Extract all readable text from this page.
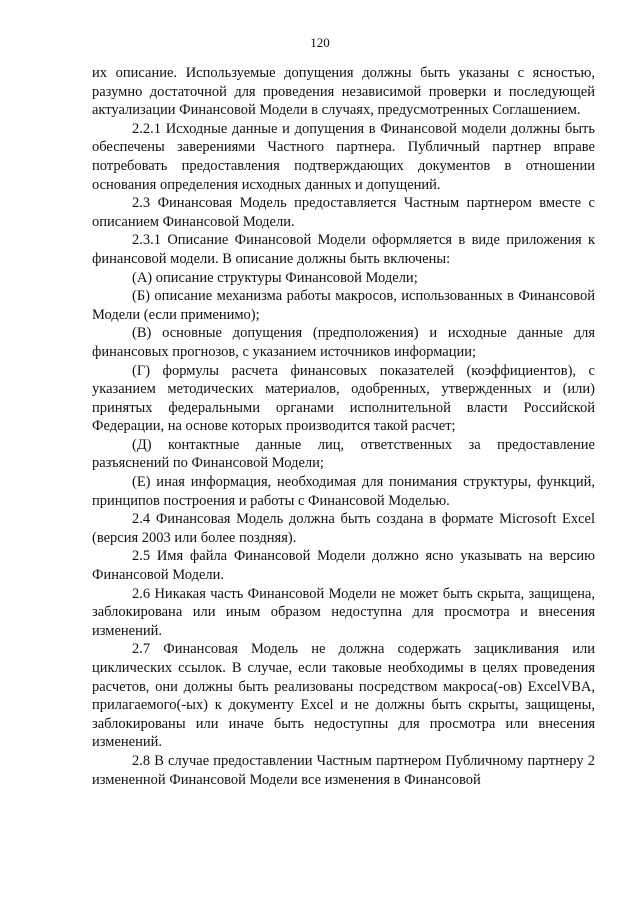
120

их описание. Используемые допущения должны быть указаны с ясностью, разумно достаточной для проведения независимой проверки и последующей актуализации Финансовой Модели в случаях, предусмотренных Соглашением.

2.2.1 Исходные данные и допущения в Финансовой модели должны быть обеспечены заверениями Частного партнера. Публичный партнер вправе потребовать предоставления подтверждающих документов в отношении основания определения исходных данных и допущений.

2.3 Финансовая Модель предоставляется Частным партнером вместе с описанием Финансовой Модели.

2.3.1 Описание Финансовой Модели оформляется в виде приложения к финансовой модели. В описание должны быть включены:

(А) описание структуры Финансовой Модели;

(Б) описание механизма работы макросов, использованных в Финансовой Модели (если применимо);

(В) основные допущения (предположения) и исходные данные для финансовых прогнозов, с указанием источников информации;

(Г) формулы расчета финансовых показателей (коэффициентов), с указанием методических материалов, одобренных, утвержденных и (или) принятых федеральными органами исполнительной власти Российской Федерации, на основе которых производится такой расчет;

(Д) контактные данные лиц, ответственных за предоставление разъяснений по Финансовой Модели;

(Е) иная информация, необходимая для понимания структуры, функций, принципов построения и работы с Финансовой Моделью.

2.4 Финансовая Модель должна быть создана в формате Microsoft Excel (версия 2003 или более поздняя).

2.5 Имя файла Финансовой Модели должно ясно указывать на версию Финансовой Модели.

2.6 Никакая часть Финансовой Модели не может быть скрыта, защищена, заблокирована или иным образом недоступна для просмотра и внесения изменений.

2.7 Финансовая Модель не должна содержать зацикливания или циклических ссылок. В случае, если таковые необходимы в целях проведения расчетов, они должны быть реализованы посредством макроса(-ов) ExcelVBA, прилагаемого(-ых) к документу Excel и не должны быть скрыты, защищены, заблокированы или иначе быть недоступны для просмотра или внесения изменений.

2.8 В случае предоставлении Частным партнером Публичному партнеру 2 измененной Финансовой Модели все изменения в Финансовой
